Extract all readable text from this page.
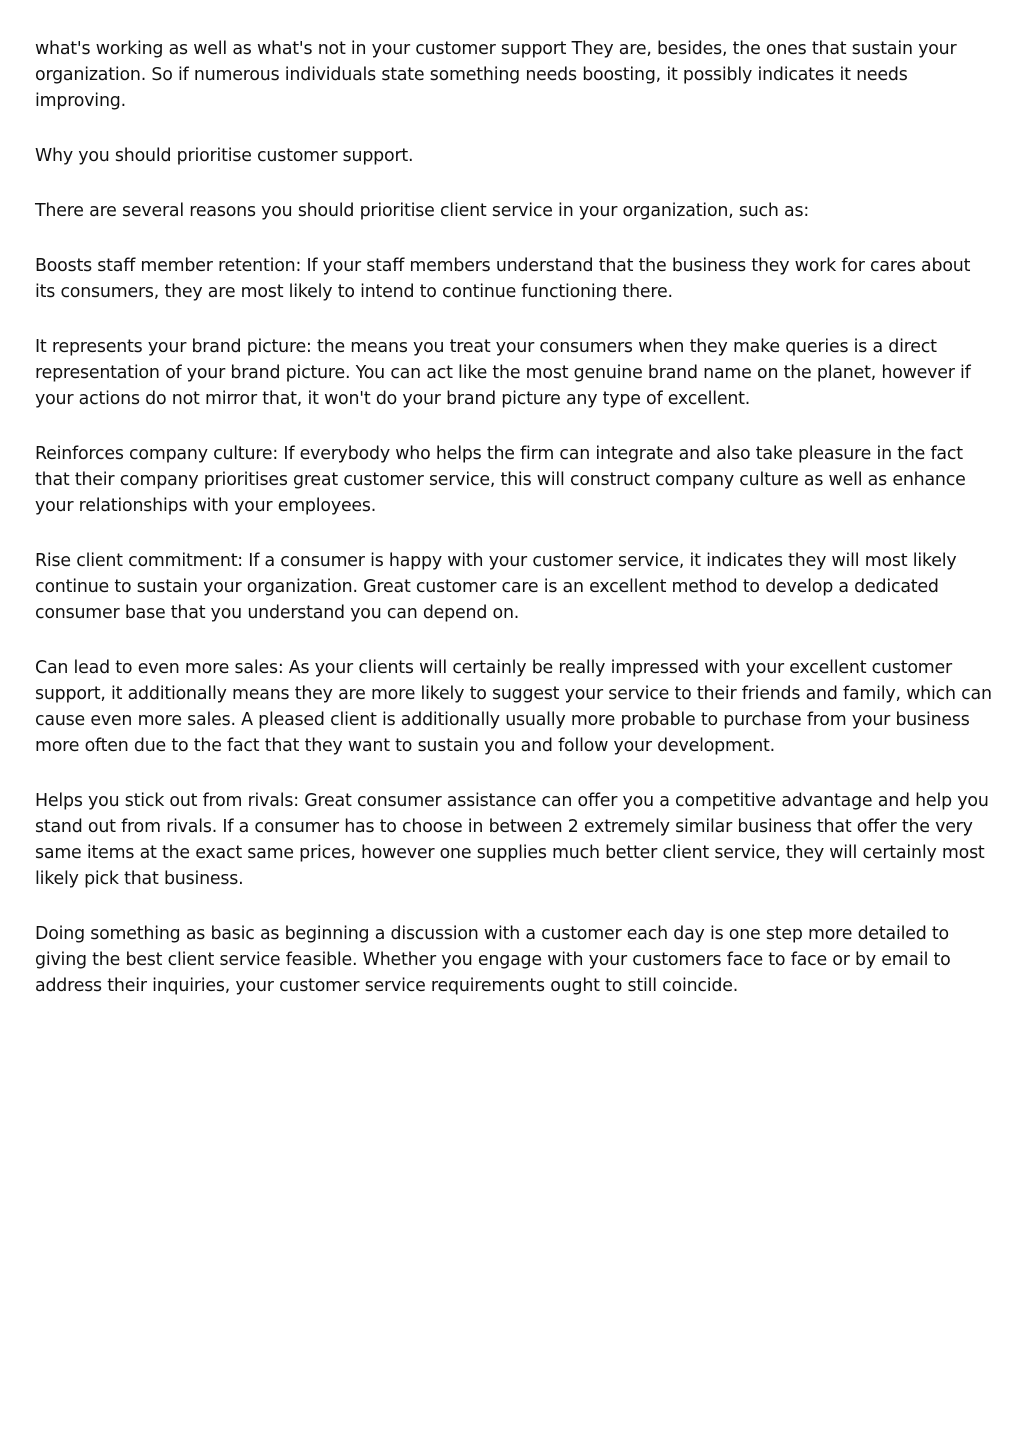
what's working as well as what's not in your customer support They are, besides, the ones that sustain your organization. So if numerous individuals state something needs boosting, it possibly indicates it needs improving.

Why you should prioritise customer support.

There are several reasons you should prioritise client service in your organization, such as:

Boosts staff member retention: If your staff members understand that the business they work for cares about its consumers, they are most likely to intend to continue functioning there.

It represents your brand picture: the means you treat your consumers when they make queries is a direct representation of your brand picture. You can act like the most genuine brand name on the planet, however if your actions do not mirror that, it won't do your brand picture any type of excellent.

Reinforces company culture: If everybody who helps the firm can integrate and also take pleasure in the fact that their company prioritises great customer service, this will construct company culture as well as enhance your relationships with your employees.

Rise client commitment: If a consumer is happy with your customer service, it indicates they will most likely continue to sustain your organization. Great customer care is an excellent method to develop a dedicated consumer base that you understand you can depend on.

Can lead to even more sales: As your clients will certainly be really impressed with your excellent customer support, it additionally means they are more likely to suggest your service to their friends and family, which can cause even more sales. A pleased client is additionally usually more probable to purchase from your business more often due to the fact that they want to sustain you and follow your development.

Helps you stick out from rivals: Great consumer assistance can offer you a competitive advantage and help you stand out from rivals. If a consumer has to choose in between 2 extremely similar business that offer the very same items at the exact same prices, however one supplies much better client service, they will certainly most likely pick that business.

Doing something as basic as beginning a discussion with a customer each day is one step more detailed to giving the best client service feasible. Whether you engage with your customers face to face or by email to address their inquiries, your customer service requirements ought to still coincide.
